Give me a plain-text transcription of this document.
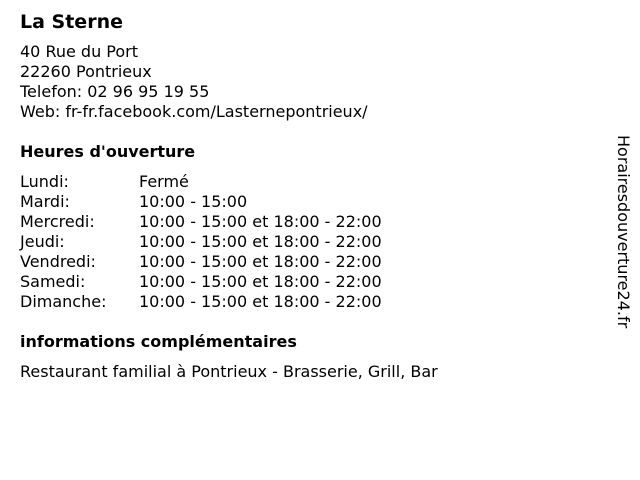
La Sterne
40 Rue du Port
22260 Pontrieux
Telefon: 02 96 95 19 55
Web: fr-fr.facebook.com/Lasternepontrieux/
Heures d'ouverture
Lundi:	Fermé
Mardi:	10:00 - 15:00
Mercredi:	10:00 - 15:00 et 18:00 - 22:00
Jeudi:	10:00 - 15:00 et 18:00 - 22:00
Vendredi:	10:00 - 15:00 et 18:00 - 22:00
Samedi:	10:00 - 15:00 et 18:00 - 22:00
Dimanche:	10:00 - 15:00 et 18:00 - 22:00
informations complémentaires
Restaurant familial à Pontrieux - Brasserie, Grill, Bar
Horairesdouverture24.fr
